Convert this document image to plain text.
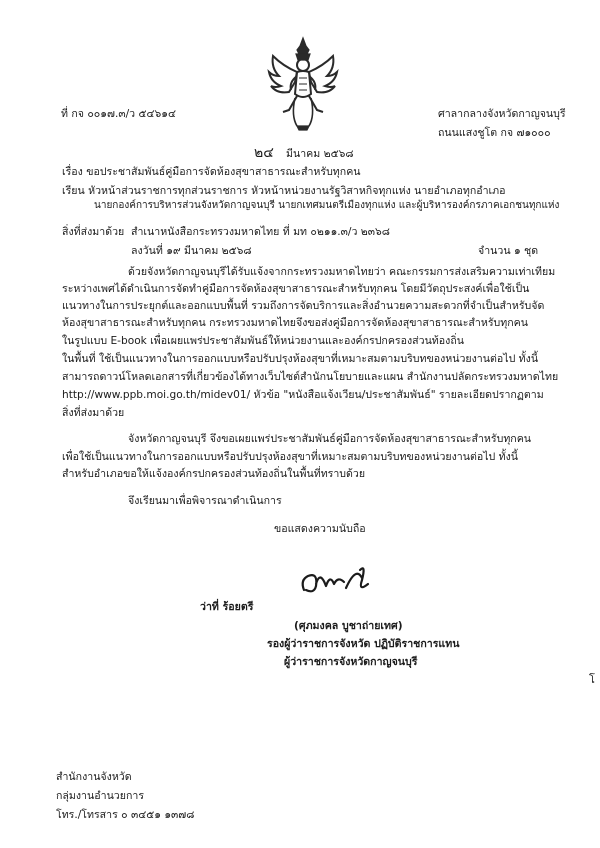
ที่ กจ ๐๐๑๗.๓/ว ๕๔๖๑๔	ศาลากลางจังหวัดกาญจนบุรี
ถนนแสงชูโต กจ ๗๑๐๐๐
๒๔ มีนาคม ๒๕๖๘
เรื่อง ขอประชาสัมพันธ์คู่มือการจัดห้องสุขาสาธารณะสำหรับทุกคน
เรียน หัวหน้าส่วนราชการทุกส่วนราชการ หัวหน้าหน่วยงานรัฐวิสาหกิจทุกแห่ง นายอำเภอทุกอำเภอ
นายกองค์การบริหารส่วนจังหวัดกาญจนบุรี นายกเทศมนตรีเมืองทุกแห่ง และผู้บริหารองค์กรภาคเอกชนทุกแห่ง
สิ่งที่ส่งมาด้วย สำเนาหนังสือกระทรวงมหาดไทย ที่ มท ๐๒๑๑.๓/ว ๒๓๖๘
ลงวันที่ ๑๙ มีนาคม ๒๕๖๘	จำนวน ๑ ชุด
ด้วยจังหวัดกาญจนบุรีได้รับแจ้งจากกระทรวงมหาดไทยว่า คณะกรรมการส่งเสริมความเท่าเทียม
ระหว่างเพศได้ดำเนินการจัดทำคู่มือการจัดห้องสุขาสาธารณะสำหรับทุกคน โดยมีวัตถุประสงค์เพื่อใช้เป็น
แนวทางในการประยุกต์และออกแบบพื้นที่ รวมถึงการจัดบริการและสิ่งอำนวยความสะดวกที่จำเป็นสำหรับจัด
ห้องสุขาสาธารณะสำหรับทุกคน กระทรวงมหาดไทยจึงขอส่งคู่มือการจัดห้องสุขาสาธารณะสำหรับทุกคน
ในรูปแบบ E-book เพื่อเผยแพร่ประชาสัมพันธ์ให้หน่วยงานและองค์กรปกครองส่วนท้องถิ่น
ในพื้นที่ ใช้เป็นแนวทางในการออกแบบหรือปรับปรุงห้องสุขาที่เหมาะสมตามบริบทของหน่วยงานต่อไป ทั้งนี้
สามารถดาวน์โหลดเอกสารที่เกี่ยวข้องได้ทางเว็บไซต์สำนักนโยบายและแผน สำนักงานปลัดกระทรวงมหาดไทย
http://www.ppb.moi.go.th/midev01/ หัวข้อ "หนังสือแจ้งเวียน/ประชาสัมพันธ์" รายละเอียดปรากฏตาม
สิ่งที่ส่งมาด้วย
จังหวัดกาญจนบุรี จึงขอเผยแพร่ประชาสัมพันธ์คู่มือการจัดห้องสุขาสาธารณะสำหรับทุกคน
เพื่อใช้เป็นแนวทางในการออกแบบหรือปรับปรุงห้องสุขาที่เหมาะสมตามบริบทของหน่วยงานต่อไป ทั้งนี้
สำหรับอำเภอขอให้แจ้งองค์กรปกครองส่วนท้องถิ่นในพื้นที่ทราบด้วย
จึงเรียนมาเพื่อพิจารณาดำเนินการ
ขอแสดงความนับถือ
ว่าที่ ร้อยตรี
(ศุภมงคล บูชาถ่ายเทศ)
รองผู้ว่าราชการจังหวัด ปฏิบัติราชการแทน
ผู้ว่าราชการจังหวัดกาญจนบุรี
โ
สำนักงานจังหวัด
กลุ่มงานอำนวยการ
โทร./โทรสาร ๐ ๓๔๕๑ ๑๓๗๘
